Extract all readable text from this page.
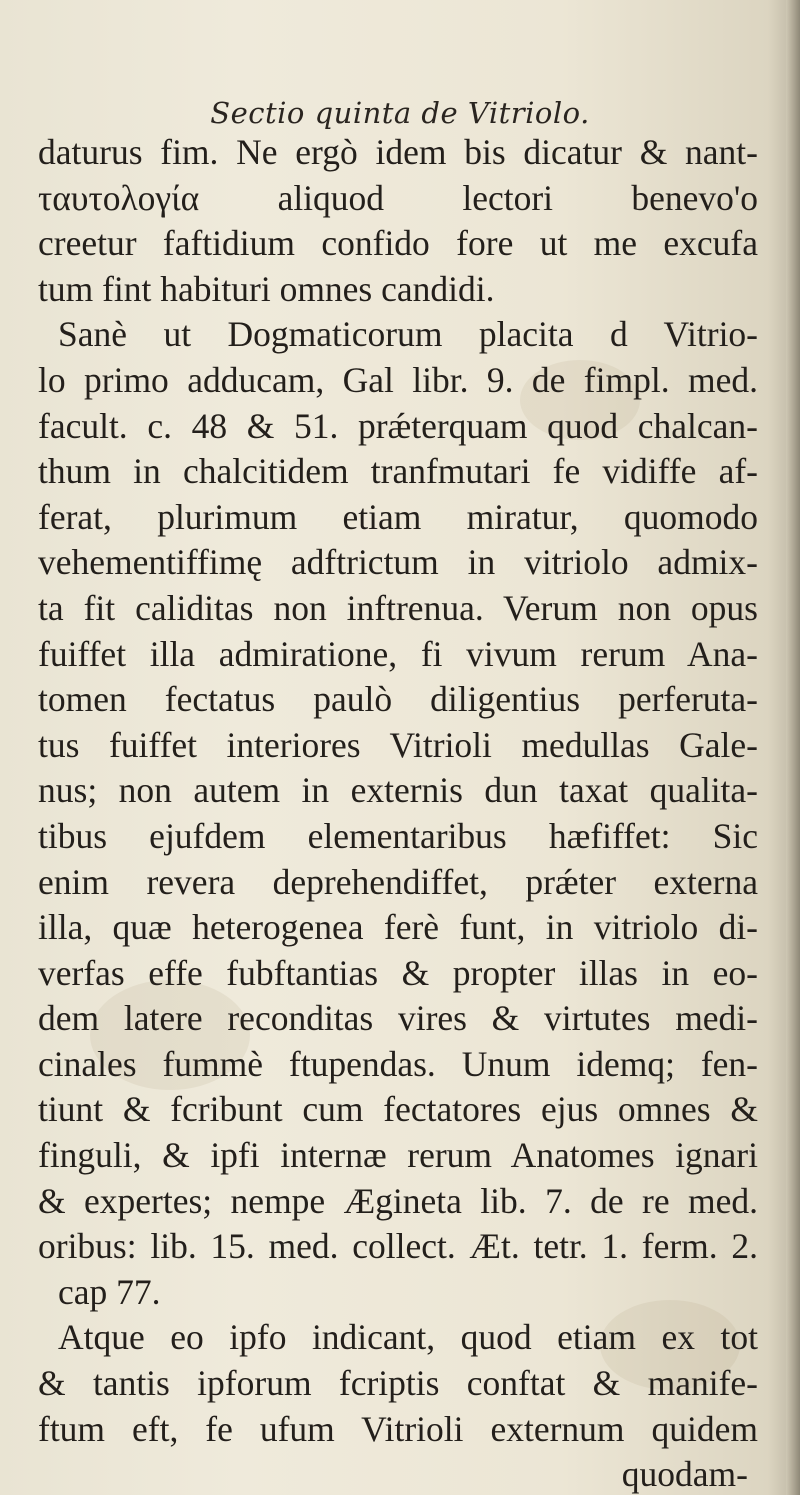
Sectio quinta de Vitriolo.
daturus fim. Ne ergò idem bis dicatur & nant-
ταυτολογία aliquod lectori benevo'o
creetur faftidium confido fore ut me excufa
tum fint habituri omnes candidi.
Sanè ut Dogmaticorum placita d Vitrio-
lo primo adducam, Gal libr. 9. de fimpl. med.
facult. c. 48 & 51. prǽterquam quod chalcan-
thum in chalcitidem tranfmutari fe vidiffe af-
ferat, plurimum etiam miratur, quomodo
vehementiffimę adftrictum in vitriolo admix-
ta fit caliditas non inftrenua. Verum non opus
fuiffet illa admiratione, fi vivum rerum Ana-
tomen fectatus paulò diligentius perferuta-
tus fuiffet interiores Vitrioli medullas Gale-
nus; non autem in externis dun taxat qualita-
tibus ejufdem elementaribus hæfiffet: Sic
enim revera deprehendiffet, prǽter externa
illa, quæ heterogenea ferè funt, in vitriolo di-
verfas effe fubftantias & propter illas in eo-
dem latere reconditas vires & virtutes medi-
cinales fummè ftupendas. Unum idemq; fen-
tiunt & fcribunt cum fectatores ejus omnes &
finguli, & ipfi internæ rerum Anatomes ignari
& expertes; nempe Ægineta lib. 7. de re med.
oribus: lib. 15. med. collect. Æt. tetr. 1. ferm. 2.
cap 77.
Atque eo ipfo indicant, quod etiam ex tot
& tantis ipforum fcriptis conftat & manife-
ftum eft, fe ufum Vitrioli externum quidem
quodam-
